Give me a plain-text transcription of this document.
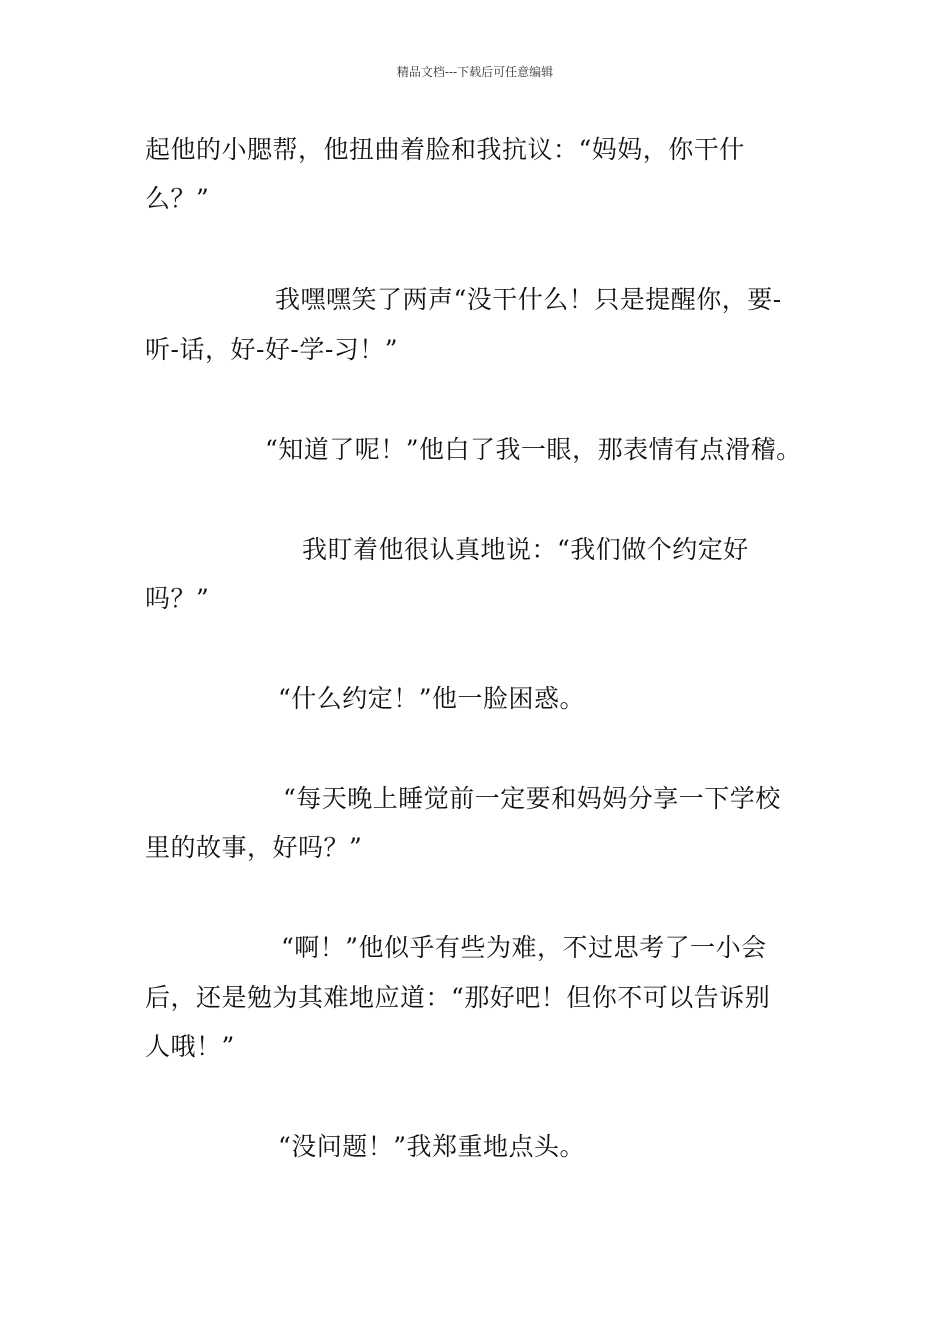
精品文档---下载后可任意编辑
起他的小腮帮，他扭曲着脸和我抗议：“妈妈，你干什
么？”
我嘿嘿笑了两声“没干什么！只是提醒你，要-
听-话，好-好-学-习！”
“知道了呢！”他白了我一眼，那表情有点滑稽。
我盯着他很认真地说：“我们做个约定好
吗？”
“什么约定！”他一脸困惑。
“每天晚上睡觉前一定要和妈妈分享一下学校
里的故事，好吗？”
“啊！”他似乎有些为难，不过思考了一小会
后，还是勉为其难地应道：“那好吧！但你不可以告诉别
人哦！”
“没问题！”我郑重地点头。
